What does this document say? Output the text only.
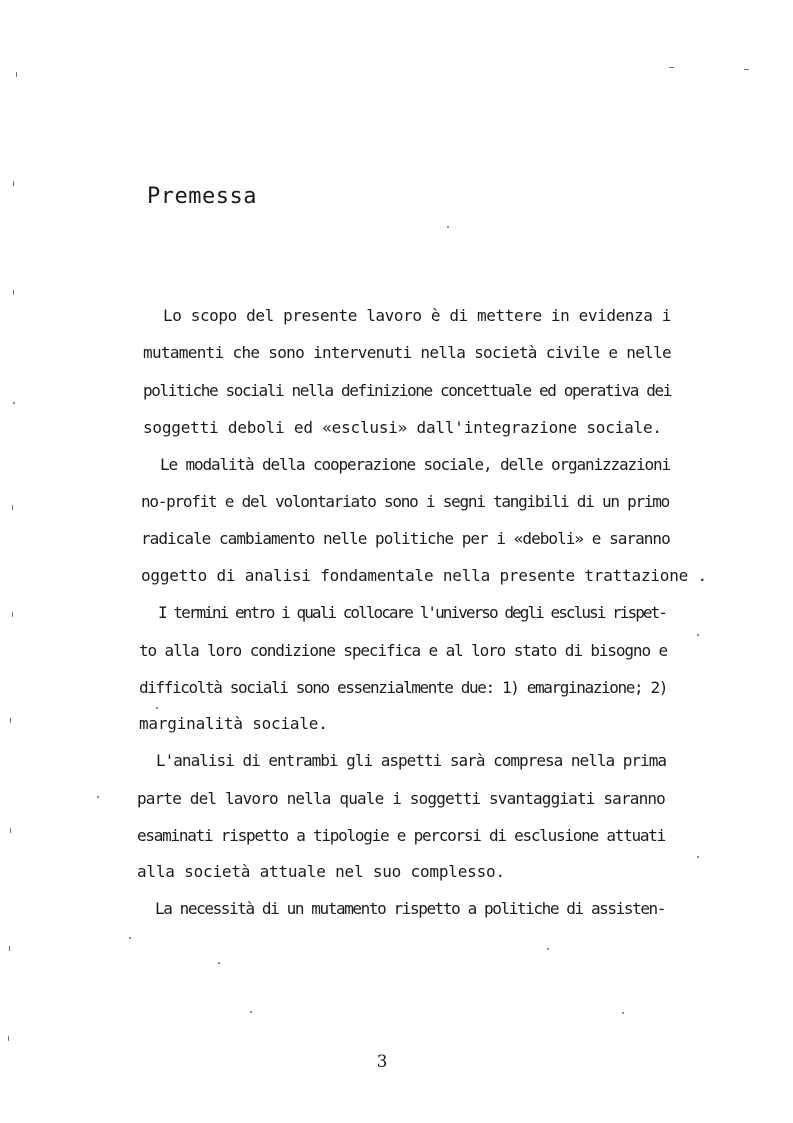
Premessa
Lo scopo del presente lavoro è di mettere in evidenza i
mutamenti che sono intervenuti nella società civile e nelle
politiche sociali nella definizione concettuale ed operativa dei
soggetti deboli ed «esclusi» dall'integrazione sociale.
Le modalità della cooperazione sociale, delle organizzazioni
no-profit e del volontariato sono i segni tangibili di un primo
radicale cambiamento nelle politiche per i «deboli» e saranno
oggetto di analisi fondamentale nella presente trattazione .
I termini entro i quali collocare l'universo degli esclusi rispet-
to alla loro condizione specifica e al loro stato di bisogno e
difficoltà sociali sono essenzialmente due: 1) emarginazione; 2)
marginalità sociale.
L'analisi di entrambi gli aspetti sarà compresa nella prima
parte del lavoro nella quale i soggetti svantaggiati saranno
esaminati rispetto a tipologie e percorsi di esclusione attuati
alla società attuale nel suo complesso.
La necessità di un mutamento rispetto a politiche di assisten-
3
